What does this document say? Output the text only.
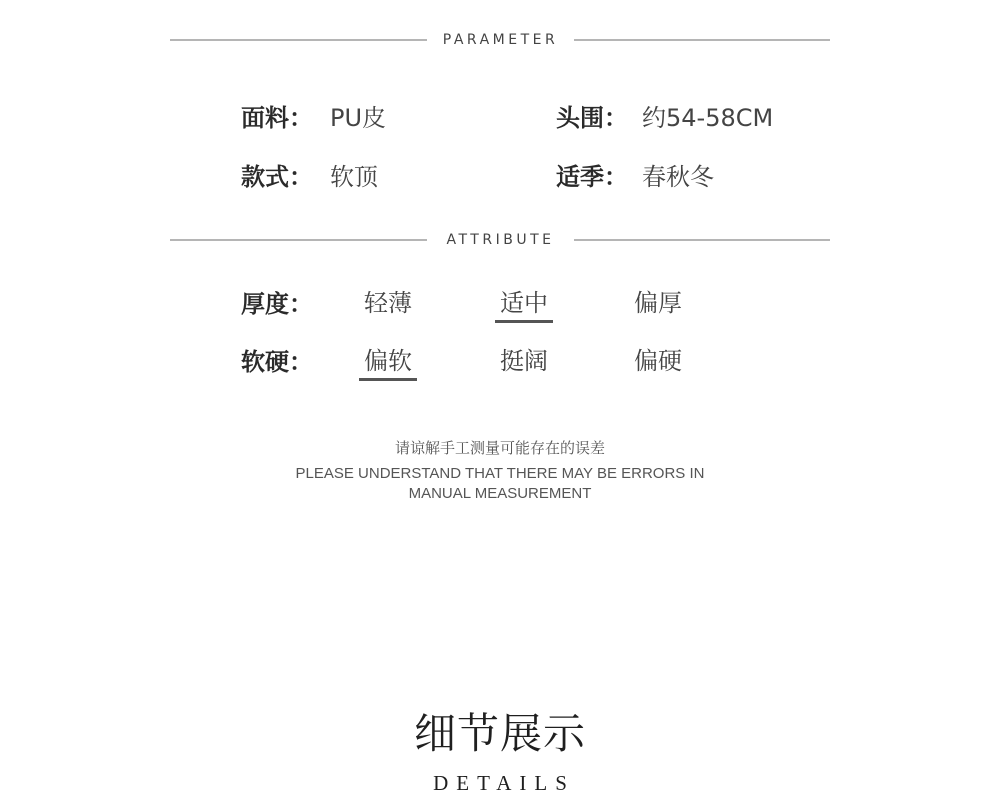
PARAMETER
面料： PU皮	头围： 约54-58CM
款式： 软顶	适季： 春秋冬
ATTRIBUTE
厚度：	轻薄	适中	偏厚
软硬：	偏软	挺阔	偏硬
请谅解手工测量可能存在的误差
PLEASE UNDERSTAND THAT THERE MAY BE ERRORS IN MANUAL MEASUREMENT
细节展示
DETAILS
